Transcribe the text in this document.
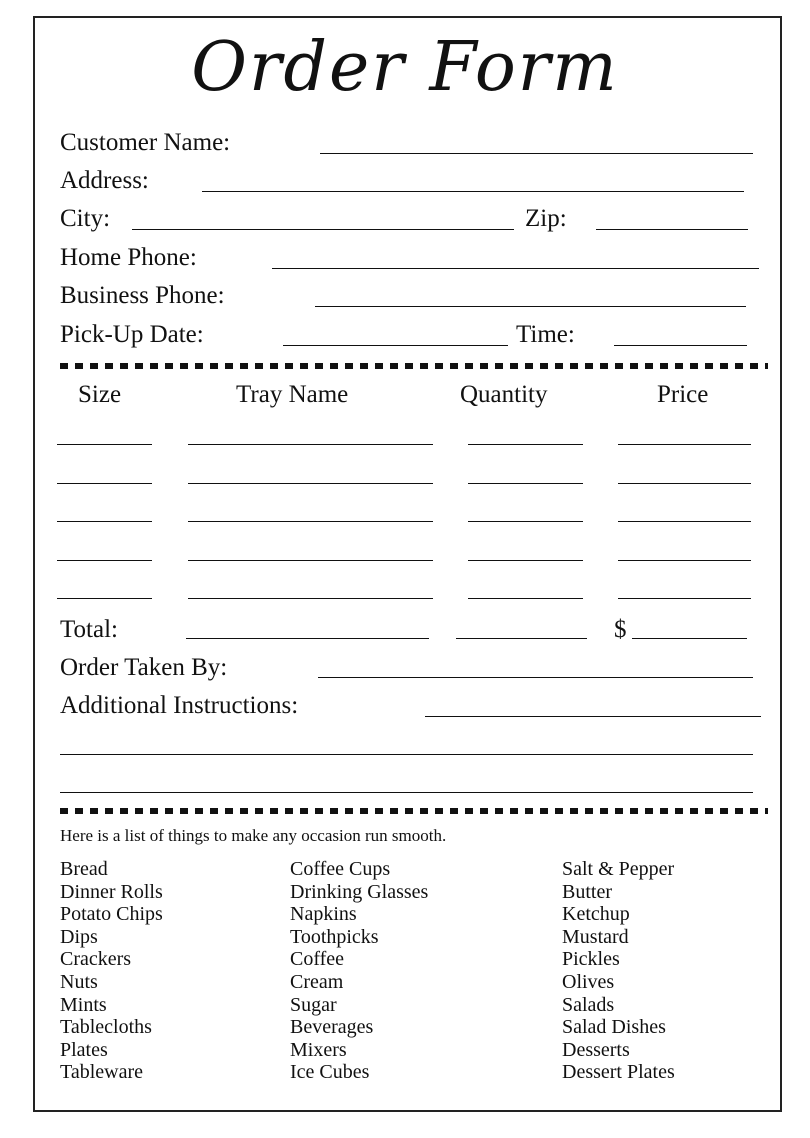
Order Form
Customer Name:
Address:
City:	Zip:
Home Phone:
Business Phone:
Pick-Up Date:	Time:
Size	Tray Name	Quantity	Price
Total:	$
Order Taken By:
Additional Instructions:
Here is a list of things to make any occasion run smooth.
Bread
Dinner Rolls
Potato Chips
Dips
Crackers
Nuts
Mints
Tablecloths
Plates
Tableware
Coffee Cups
Drinking Glasses
Napkins
Toothpicks
Coffee
Cream
Sugar
Beverages
Mixers
Ice Cubes
Salt & Pepper
Butter
Ketchup
Mustard
Pickles
Olives
Salads
Salad Dishes
Desserts
Dessert Plates
